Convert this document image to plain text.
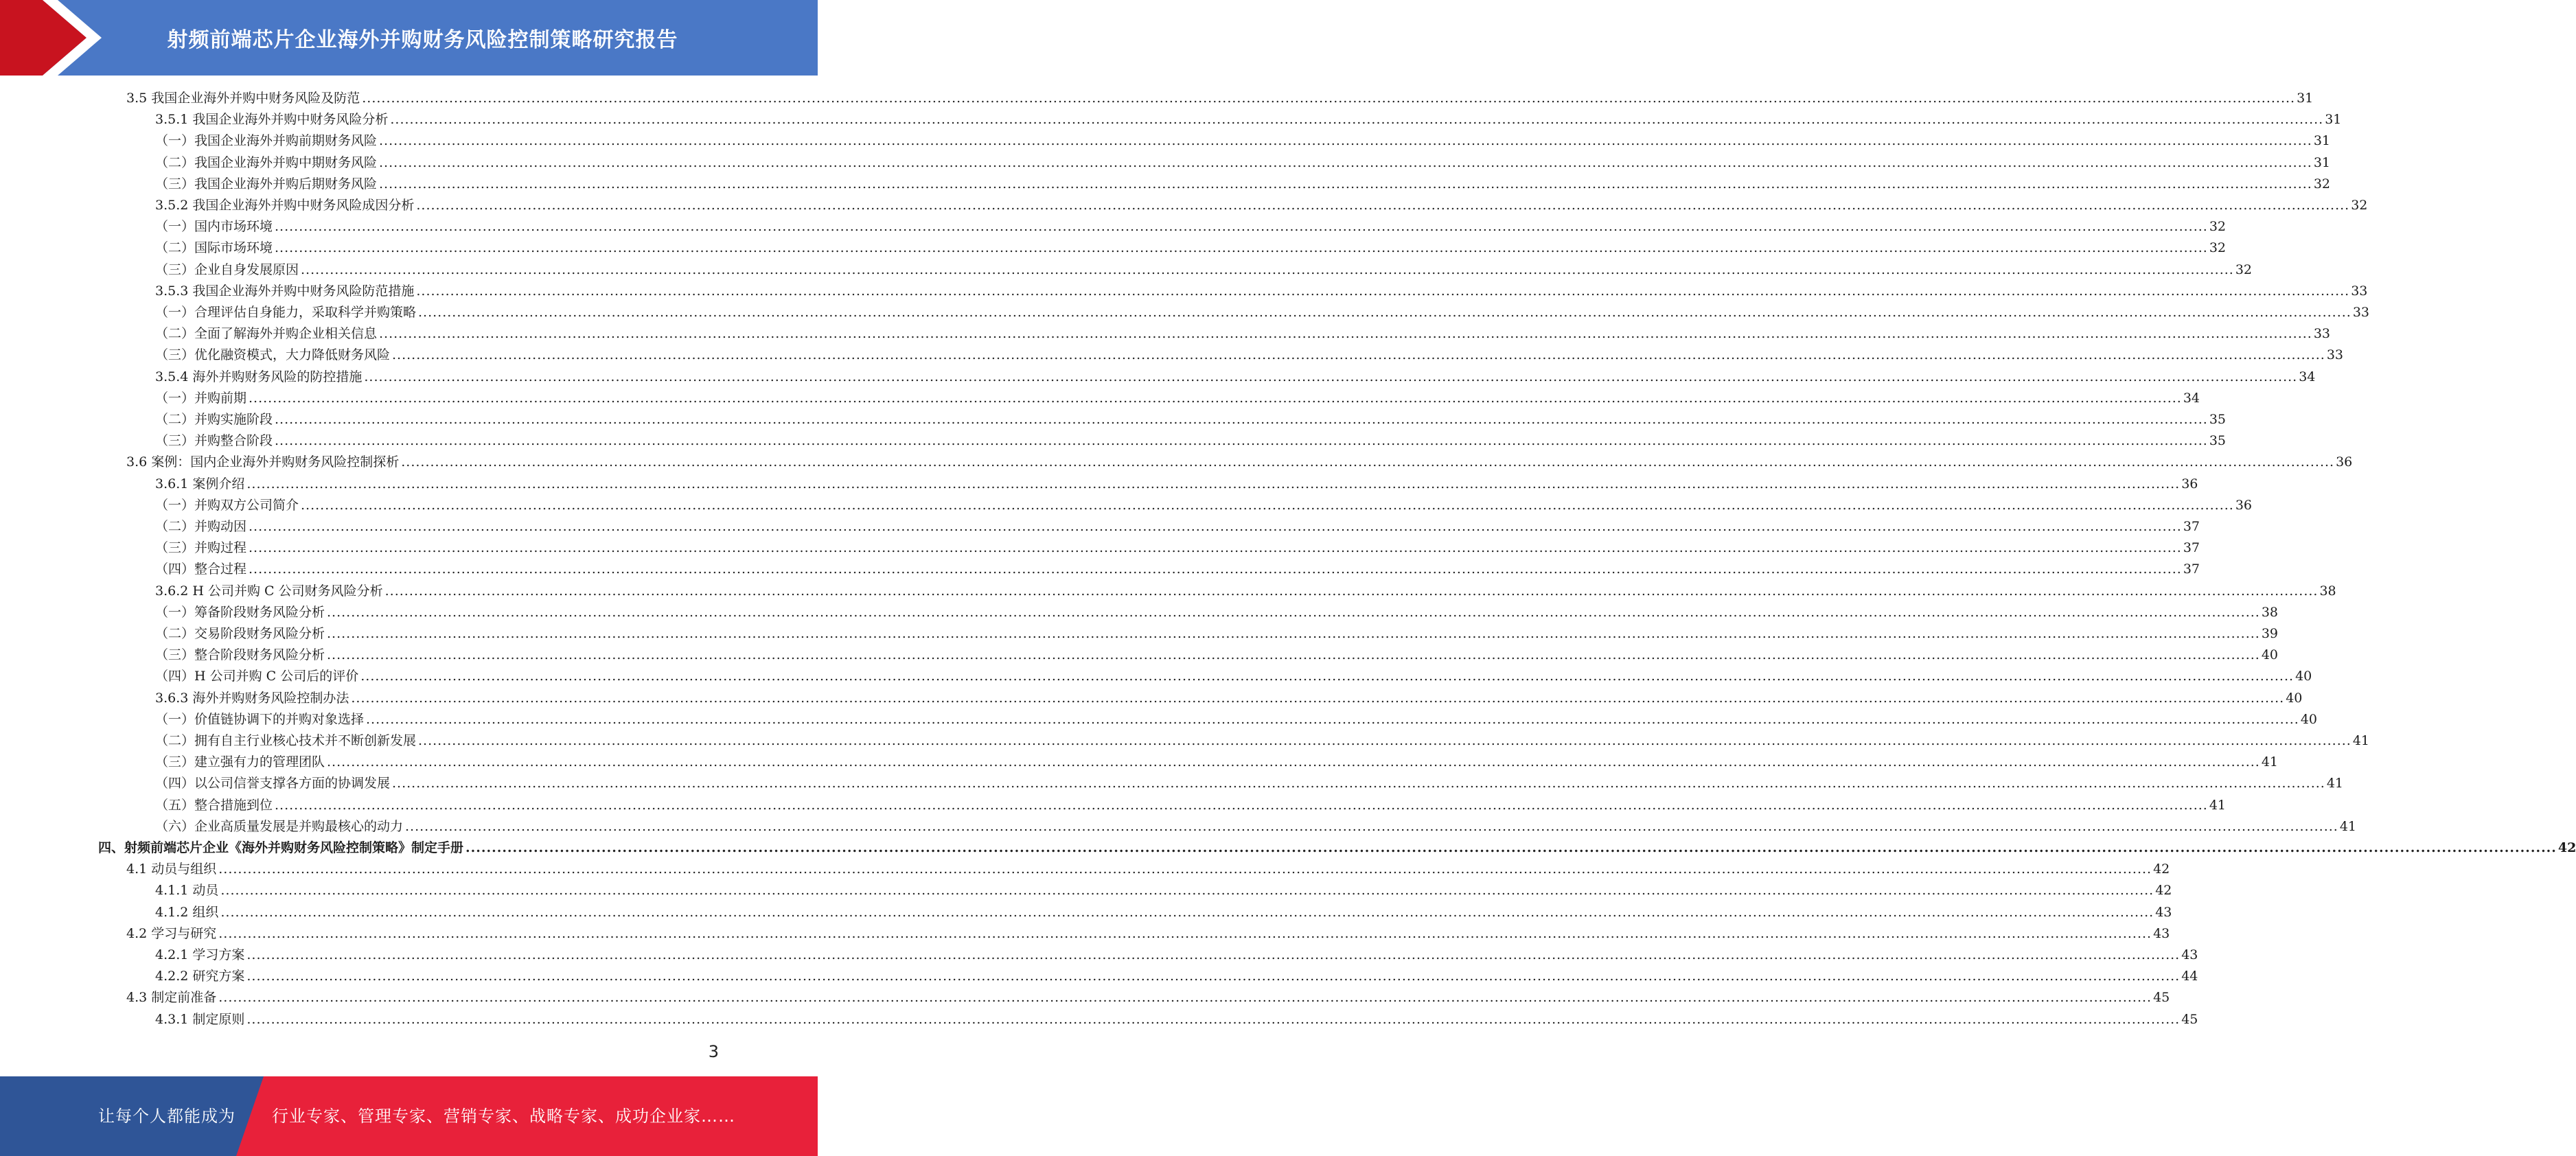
射频前端芯片企业海外并购财务风险控制策略研究报告
3.5 我国企业海外并购中财务风险及防范 ................................................................................................................................................................................................................................................................................................................................................................................................................ 31
3.5.1 我国企业海外并购中财务风险分析 ................................................................................................................................................................................................................................................................................................................................................................................................................ 31
（一）我国企业海外并购前期财务风险 ................................................................................................................................................................................................................................................................................................................................................................................................................ 31
（二）我国企业海外并购中期财务风险 ................................................................................................................................................................................................................................................................................................................................................................................................................ 31
（三）我国企业海外并购后期财务风险 ................................................................................................................................................................................................................................................................................................................................................................................................................ 32
3.5.2 我国企业海外并购中财务风险成因分析 ................................................................................................................................................................................................................................................................................................................................................................................................................ 32
（一）国内市场环境 ................................................................................................................................................................................................................................................................................................................................................................................................................ 32
（二）国际市场环境 ................................................................................................................................................................................................................................................................................................................................................................................................................ 32
（三）企业自身发展原因 ................................................................................................................................................................................................................................................................................................................................................................................................................ 32
3.5.3 我国企业海外并购中财务风险防范措施 ................................................................................................................................................................................................................................................................................................................................................................................................................ 33
（一）合理评估自身能力，采取科学并购策略 ................................................................................................................................................................................................................................................................................................................................................................................................................ 33
（二）全面了解海外并购企业相关信息 ................................................................................................................................................................................................................................................................................................................................................................................................................ 33
（三）优化融资模式，大力降低财务风险 ................................................................................................................................................................................................................................................................................................................................................................................................................ 33
3.5.4 海外并购财务风险的防控措施 ................................................................................................................................................................................................................................................................................................................................................................................................................ 34
（一）并购前期 ................................................................................................................................................................................................................................................................................................................................................................................................................ 34
（二）并购实施阶段 ................................................................................................................................................................................................................................................................................................................................................................................................................ 35
（三）并购整合阶段 ................................................................................................................................................................................................................................................................................................................................................................................................................ 35
3.6 案例：国内企业海外并购财务风险控制探析 ................................................................................................................................................................................................................................................................................................................................................................................................................ 36
3.6.1 案例介绍 ................................................................................................................................................................................................................................................................................................................................................................................................................ 36
（一）并购双方公司简介 ................................................................................................................................................................................................................................................................................................................................................................................................................ 36
（二）并购动因 ................................................................................................................................................................................................................................................................................................................................................................................................................ 37
（三）并购过程 ................................................................................................................................................................................................................................................................................................................................................................................................................ 37
（四）整合过程 ................................................................................................................................................................................................................................................................................................................................................................................................................ 37
3.6.2 H 公司并购 C 公司财务风险分析 ................................................................................................................................................................................................................................................................................................................................................................................................................ 38
（一）筹备阶段财务风险分析 ................................................................................................................................................................................................................................................................................................................................................................................................................ 38
（二）交易阶段财务风险分析 ................................................................................................................................................................................................................................................................................................................................................................................................................ 39
（三）整合阶段财务风险分析 ................................................................................................................................................................................................................................................................................................................................................................................................................ 40
（四）H 公司并购 C 公司后的评价 ................................................................................................................................................................................................................................................................................................................................................................................................................ 40
3.6.3 海外并购财务风险控制办法 ................................................................................................................................................................................................................................................................................................................................................................................................................ 40
（一）价值链协调下的并购对象选择 ................................................................................................................................................................................................................................................................................................................................................................................................................ 40
（二）拥有自主行业核心技术并不断创新发展 ................................................................................................................................................................................................................................................................................................................................................................................................................ 41
（三）建立强有力的管理团队 ................................................................................................................................................................................................................................................................................................................................................................................................................ 41
（四）以公司信誉支撑各方面的协调发展 ................................................................................................................................................................................................................................................................................................................................................................................................................ 41
（五）整合措施到位 ................................................................................................................................................................................................................................................................................................................................................................................................................ 41
（六）企业高质量发展是并购最核心的动力 ................................................................................................................................................................................................................................................................................................................................................................................................................ 41
四、射频前端芯片企业《海外并购财务风险控制策略》制定手册 ................................................................................................................................................................................................................................................................................................................................................................................................................ 42
4.1 动员与组织 ................................................................................................................................................................................................................................................................................................................................................................................................................ 42
4.1.1 动员 ................................................................................................................................................................................................................................................................................................................................................................................................................ 42
4.1.2 组织 ................................................................................................................................................................................................................................................................................................................................................................................................................ 43
4.2 学习与研究 ................................................................................................................................................................................................................................................................................................................................................................................................................ 43
4.2.1 学习方案 ................................................................................................................................................................................................................................................................................................................................................................................................................ 43
4.2.2 研究方案 ................................................................................................................................................................................................................................................................................................................................................................................................................ 44
4.3 制定前准备 ................................................................................................................................................................................................................................................................................................................................................................................................................ 45
4.3.1 制定原则 ................................................................................................................................................................................................................................................................................................................................................................................................................ 45
3
让每个人都能成为 行业专家、管理专家、营销专家、战略专家、成功企业家……
